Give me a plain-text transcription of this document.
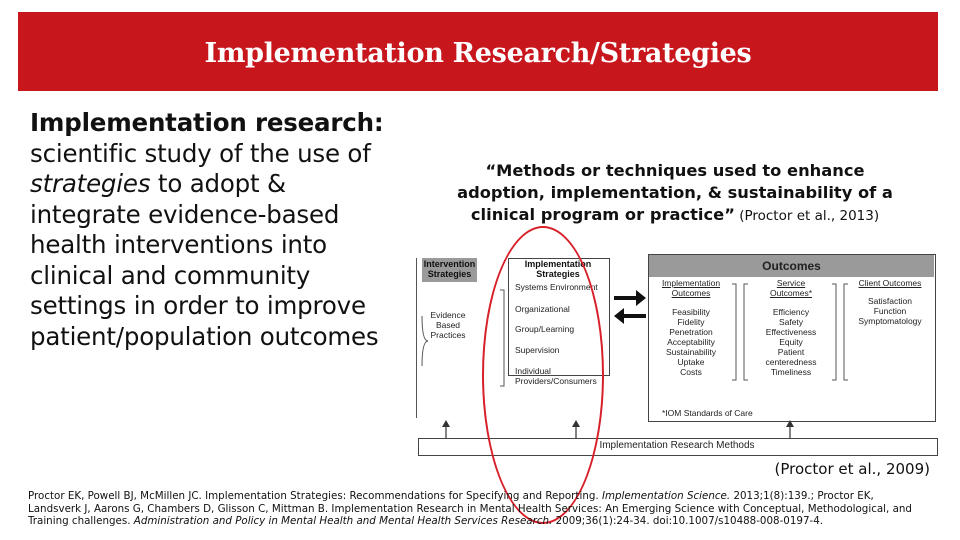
Implementation Research/Strategies
Implementation research:
scientific study of the use of
strategies to adopt &
integrate evidence-based
health interventions into
clinical and community
settings in order to improve
patient/population outcomes
“Methods or techniques used to enhance
adoption, implementation, & sustainability of a
clinical program or practice” (Proctor et al., 2013)
Intervention
Strategies
Evidence
Based
Practices
Implementation
Strategies
Systems Environment
Organizational
Group/Learning
Supervision
Individual
Providers/Consumers
Outcomes
Implementation
Outcomes
Feasibility
Fidelity
Penetration
Acceptability
Sustainability
Uptake
Costs
Service
Outcomes*
Efficiency
Safety
Effectiveness
Equity
Patient
centeredness
Timeliness
Client Outcomes
Satisfaction
Function
Symptomatology
*IOM Standards of Care
Implementation Research Methods
(Proctor et al., 2009)
Proctor EK, Powell BJ, McMillen JC. Implementation Strategies: Recommendations for Specifying and Reporting. Implementation Science. 2013;1(8):139.; Proctor EK,
Landsverk J, Aarons G, Chambers D, Glisson C, Mittman B. Implementation Research in Mental Health Services: An Emerging Science with Conceptual, Methodological, and
Training challenges. Administration and Policy in Mental Health and Mental Health Services Research. 2009;36(1):24-34. doi:10.1007/s10488-008-0197-4.
